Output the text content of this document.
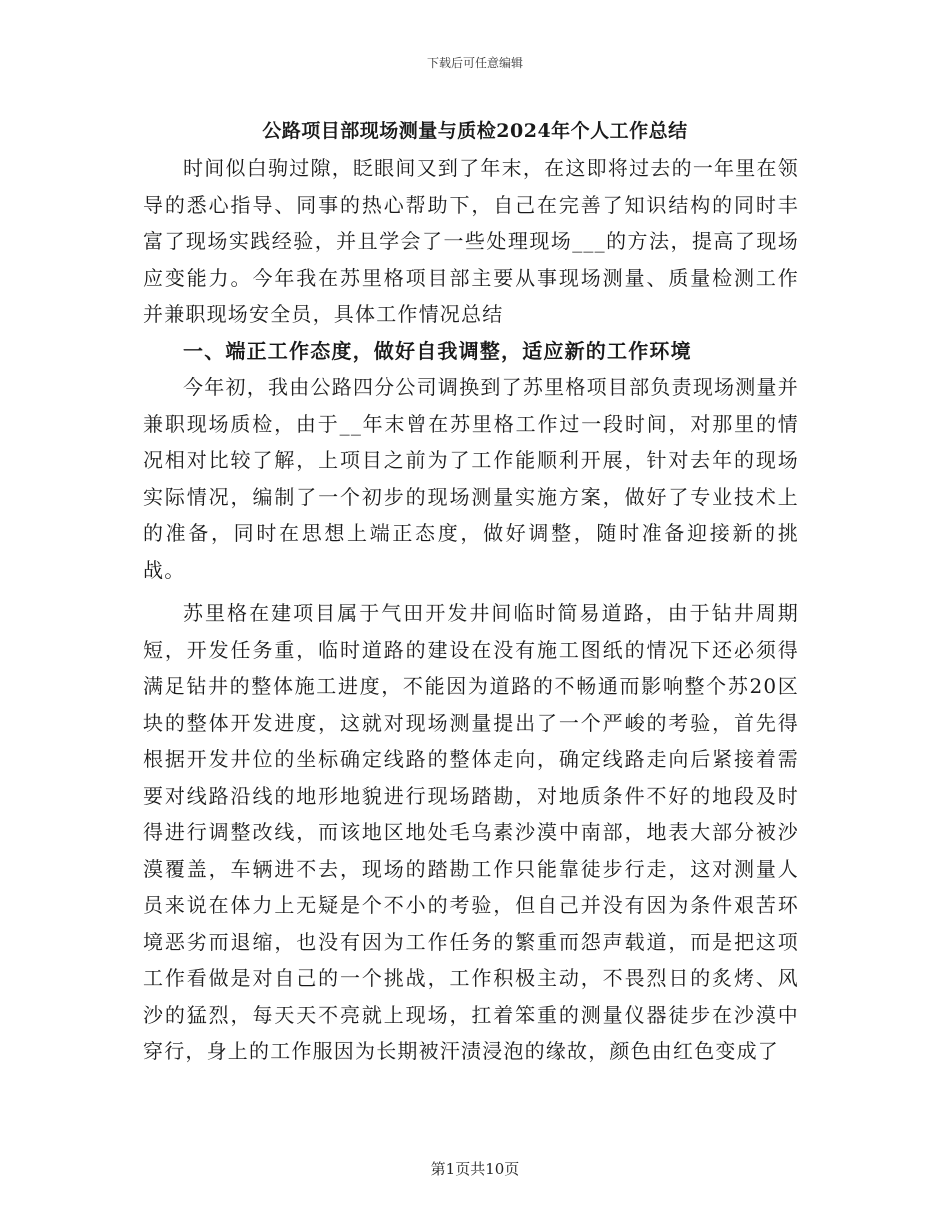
下载后可任意编辑
公路项目部现场测量与质检2024年个人工作总结

时间似白驹过隙，眨眼间又到了年末，在这即将过去的一年里在领导的悉心指导、同事的热心帮助下，自己在完善了知识结构的同时丰富了现场实践经验，并且学会了一些处理现场___的方法，提高了现场应变能力。今年我在苏里格项目部主要从事现场测量、质量检测工作并兼职现场安全员，具体工作情况总结

一、端正工作态度，做好自我调整，适应新的工作环境

今年初，我由公路四分公司调换到了苏里格项目部负责现场测量并兼职现场质检，由于__年末曾在苏里格工作过一段时间，对那里的情况相对比较了解，上项目之前为了工作能顺利开展，针对去年的现场实际情况，编制了一个初步的现场测量实施方案，做好了专业技术上的准备，同时在思想上端正态度，做好调整，随时准备迎接新的挑战。

苏里格在建项目属于气田开发井间临时简易道路，由于钻井周期短，开发任务重，临时道路的建设在没有施工图纸的情况下还必须得满足钻井的整体施工进度，不能因为道路的不畅通而影响整个苏20区块的整体开发进度，这就对现场测量提出了一个严峻的考验，首先得根据开发井位的坐标确定线路的整体走向，确定线路走向后紧接着需要对线路沿线的地形地貌进行现场踏勘，对地质条件不好的地段及时得进行调整改线，而该地区地处毛乌素沙漠中南部，地表大部分被沙漠覆盖，车辆进不去，现场的踏勘工作只能靠徒步行走，这对测量人员来说在体力上无疑是个不小的考验，但自己并没有因为条件艰苦环境恶劣而退缩，也没有因为工作任务的繁重而怨声载道，而是把这项工作看做是对自己的一个挑战，工作积极主动，不畏烈日的炙烤、风沙的猛烈，每天天不亮就上现场，扛着笨重的测量仪器徒步在沙漠中穿行，身上的工作服因为长期被汗渍浸泡的缘故，颜色由红色变成了

第1页共10页
